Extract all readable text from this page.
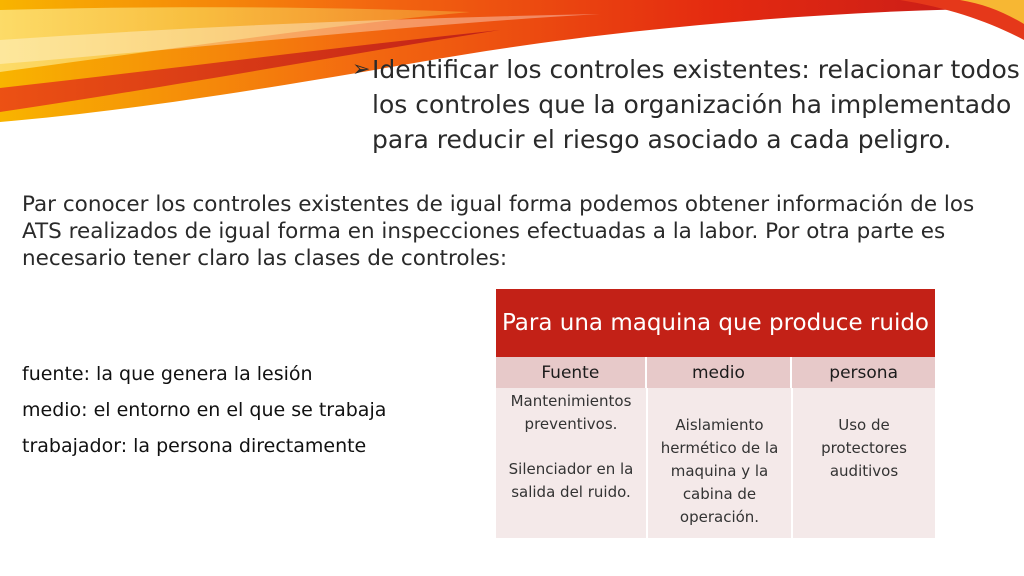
➢ Identificar los controles existentes: relacionar todos los controles que la organización ha implementado para reducir el riesgo asociado a cada peligro.
Par conocer los controles existentes de igual forma podemos obtener información de los ATS realizados de igual forma en inspecciones efectuadas a la labor. Por otra parte es necesario tener claro las clases de controles:
fuente: la que genera la lesión
medio: el entorno en el que se trabaja
trabajador: la persona directamente
Para una maquina que produce ruido
Fuente	medio	persona
Mantenimientos preventivos.
Silenciador en la salida del ruido.
Aislamiento hermético de la maquina y la cabina de operación.
Uso de protectores auditivos
